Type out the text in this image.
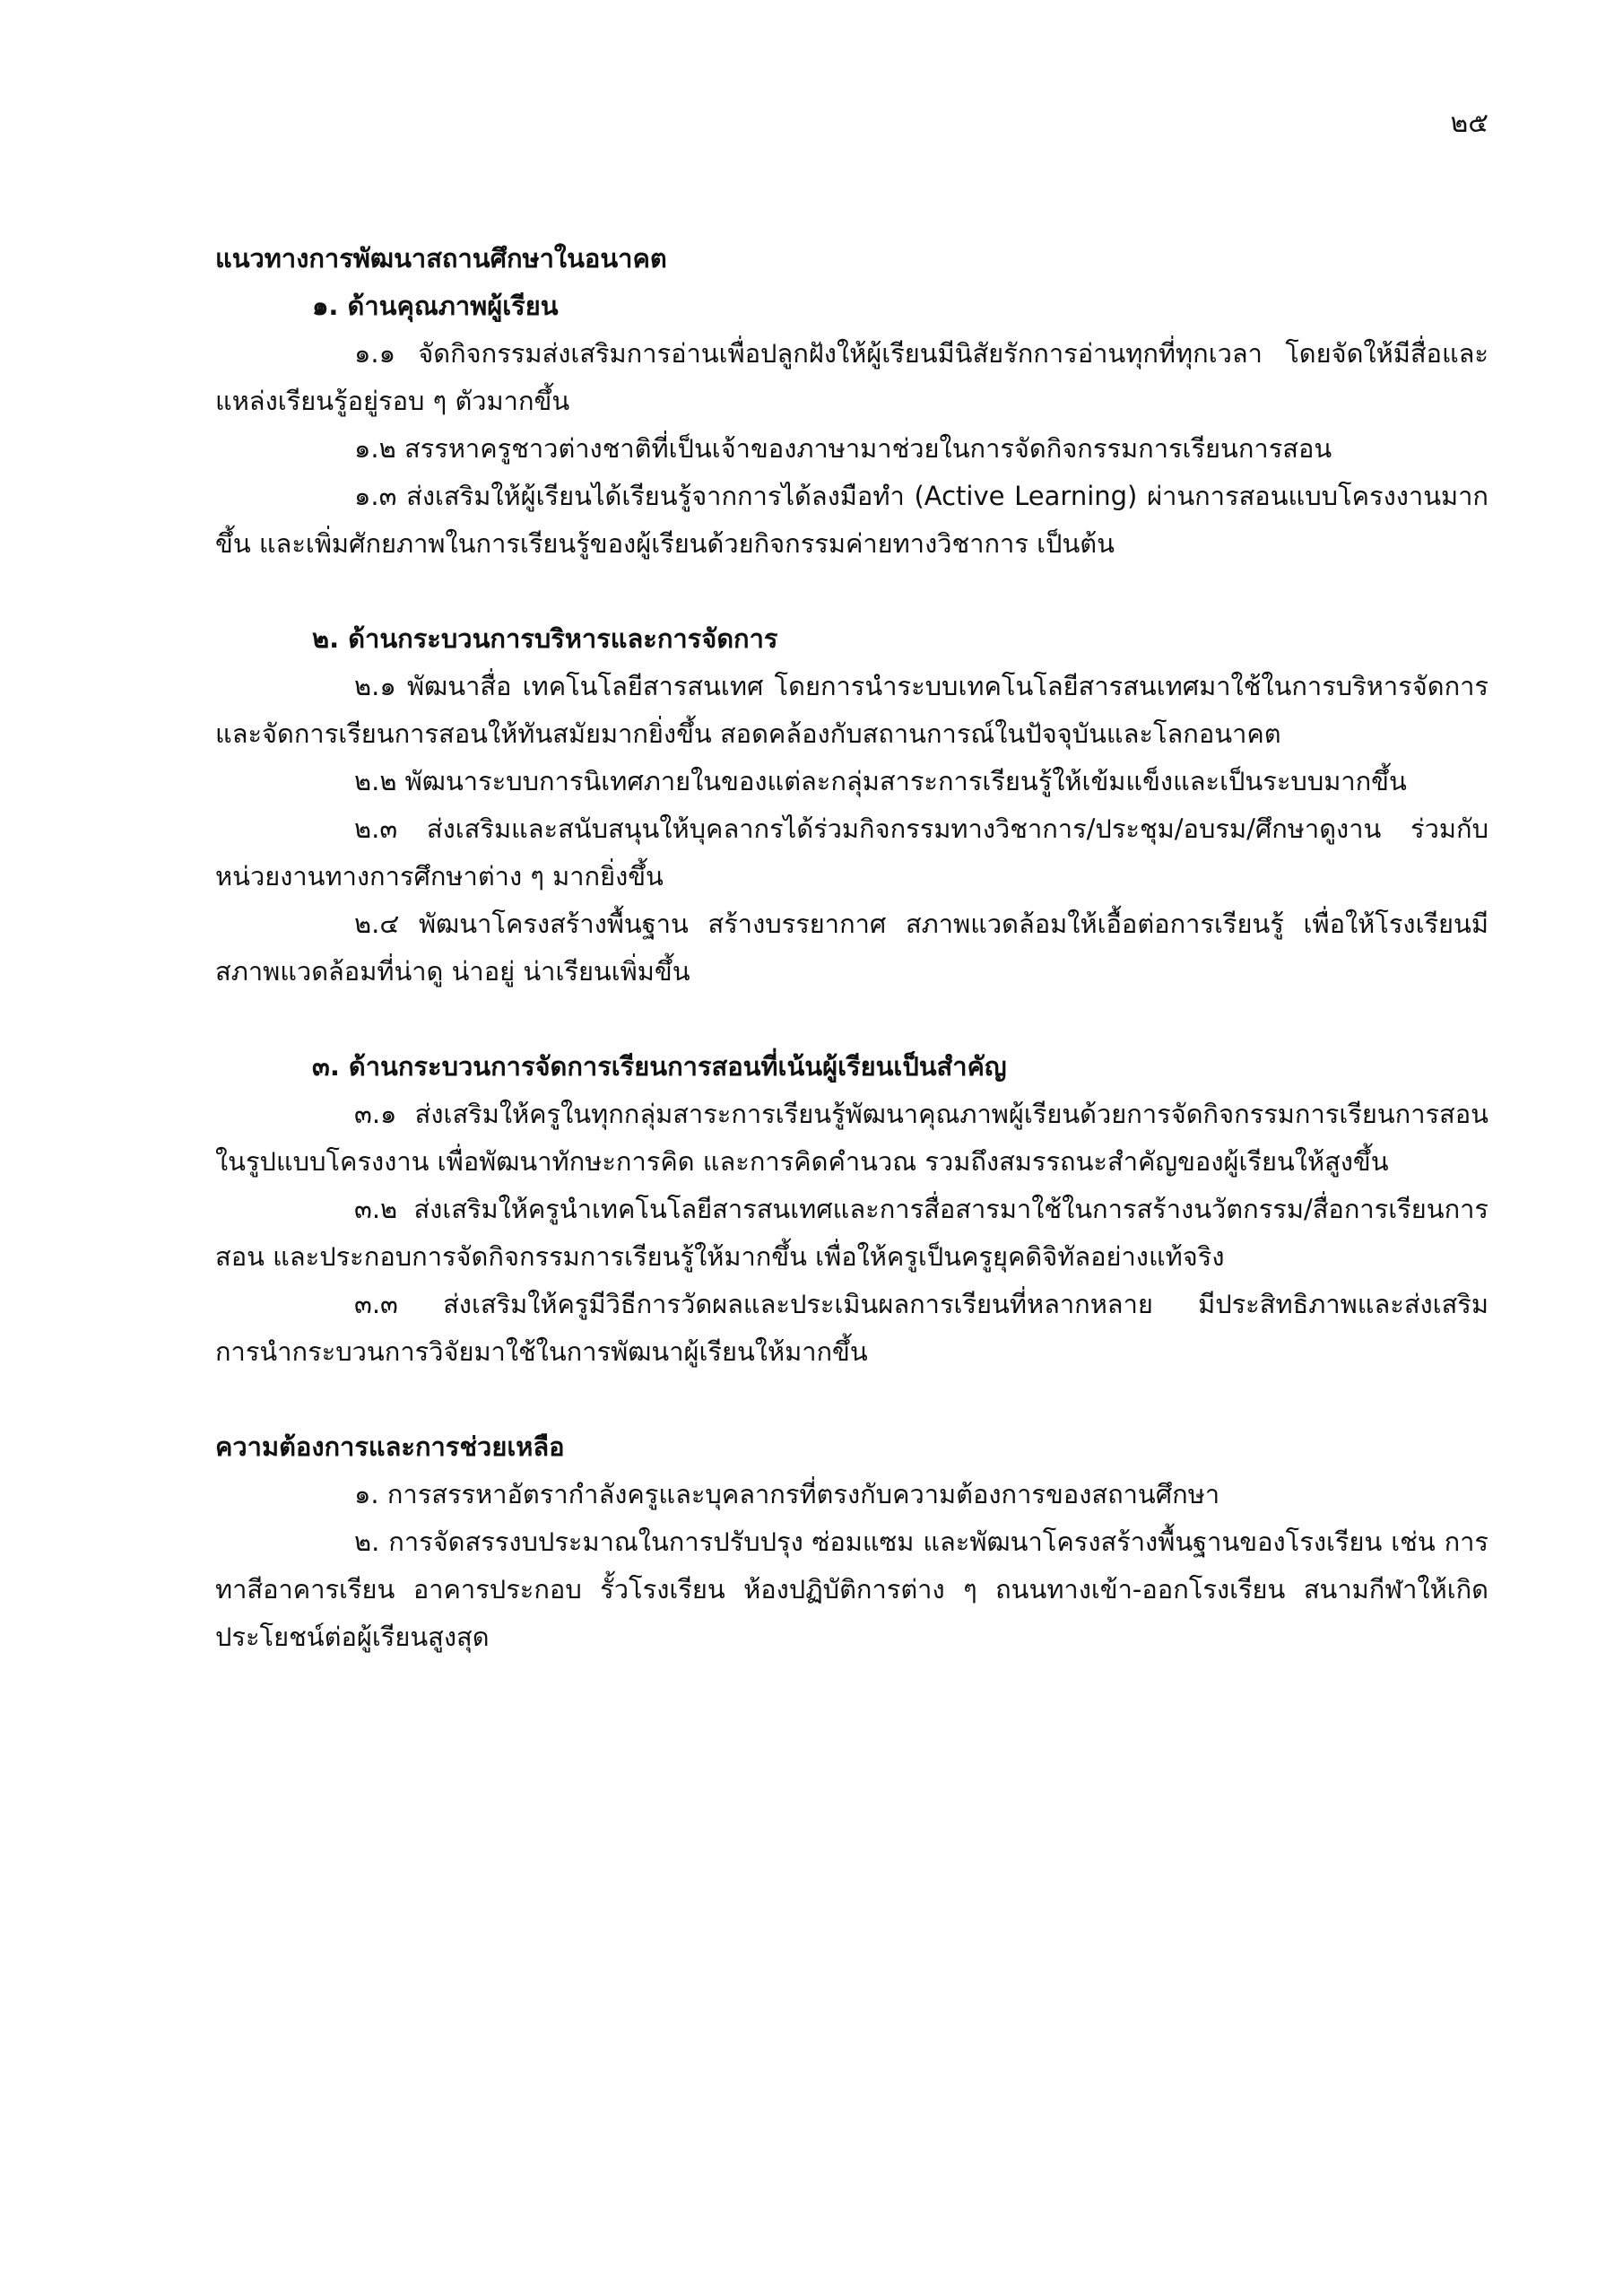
๒๕

แนวทางการพัฒนาสถานศึกษาในอนาคต

๑. ด้านคุณภาพผู้เรียน

๑.๑ จัดกิจกรรมส่งเสริมการอ่านเพื่อปลูกฝังให้ผู้เรียนมีนิสัยรักการอ่านทุกที่ทุกเวลา โดยจัดให้มีสื่อและแหล่งเรียนรู้อยู่รอบ ๆ ตัวมากขึ้น

๑.๒ สรรหาครูชาวต่างชาติที่เป็นเจ้าของภาษามาช่วยในการจัดกิจกรรมการเรียนการสอน

๑.๓ ส่งเสริมให้ผู้เรียนได้เรียนรู้จากการได้ลงมือทำ (Active Learning) ผ่านการสอนแบบโครงงานมากขึ้น และเพิ่มศักยภาพในการเรียนรู้ของผู้เรียนด้วยกิจกรรมค่ายทางวิชาการ เป็นต้น

๒. ด้านกระบวนการบริหารและการจัดการ

๒.๑ พัฒนาสื่อ เทคโนโลยีสารสนเทศ โดยการนำระบบเทคโนโลยีสารสนเทศมาใช้ในการบริหารจัดการและจัดการเรียนการสอนให้ทันสมัยมากยิ่งขึ้น สอดคล้องกับสถานการณ์ในปัจจุบันและโลกอนาคต

๒.๒ พัฒนาระบบการนิเทศภายในของแต่ละกลุ่มสาระการเรียนรู้ให้เข้มแข็งและเป็นระบบมากขึ้น

๒.๓ ส่งเสริมและสนับสนุนให้บุคลากรได้ร่วมกิจกรรมทางวิชาการ/ประชุม/อบรม/ศึกษาดูงาน ร่วมกับหน่วยงานทางการศึกษาต่าง ๆ มากยิ่งขึ้น

๒.๔ พัฒนาโครงสร้างพื้นฐาน สร้างบรรยากาศ สภาพแวดล้อมให้เอื้อต่อการเรียนรู้ เพื่อให้โรงเรียนมีสภาพแวดล้อมที่น่าดู น่าอยู่ น่าเรียนเพิ่มขึ้น

๓. ด้านกระบวนการจัดการเรียนการสอนที่เน้นผู้เรียนเป็นสำคัญ

๓.๑ ส่งเสริมให้ครูในทุกกลุ่มสาระการเรียนรู้พัฒนาคุณภาพผู้เรียนด้วยการจัดกิจกรรมการเรียนการสอนในรูปแบบโครงงาน เพื่อพัฒนาทักษะการคิด และการคิดคำนวณ รวมถึงสมรรถนะสำคัญของผู้เรียนให้สูงขึ้น

๓.๒ ส่งเสริมให้ครูนำเทคโนโลยีสารสนเทศและการสื่อสารมาใช้ในการสร้างนวัตกรรม/สื่อการเรียนการสอน และประกอบการจัดกิจกรรมการเรียนรู้ให้มากขึ้น เพื่อให้ครูเป็นครูยุคดิจิทัลอย่างแท้จริง

๓.๓ ส่งเสริมให้ครูมีวิธีการวัดผลและประเมินผลการเรียนที่หลากหลาย มีประสิทธิภาพและส่งเสริมการนำกระบวนการวิจัยมาใช้ในการพัฒนาผู้เรียนให้มากขึ้น

ความต้องการและการช่วยเหลือ

๑. การสรรหาอัตรากำลังครูและบุคลากรที่ตรงกับความต้องการของสถานศึกษา

๒. การจัดสรรงบประมาณในการปรับปรุง ซ่อมแซม และพัฒนาโครงสร้างพื้นฐานของโรงเรียน เช่น การทาสีอาคารเรียน อาคารประกอบ รั้วโรงเรียน ห้องปฏิบัติการต่าง ๆ ถนนทางเข้า-ออกโรงเรียน สนามกีฬาให้เกิดประโยชน์ต่อผู้เรียนสูงสุด
